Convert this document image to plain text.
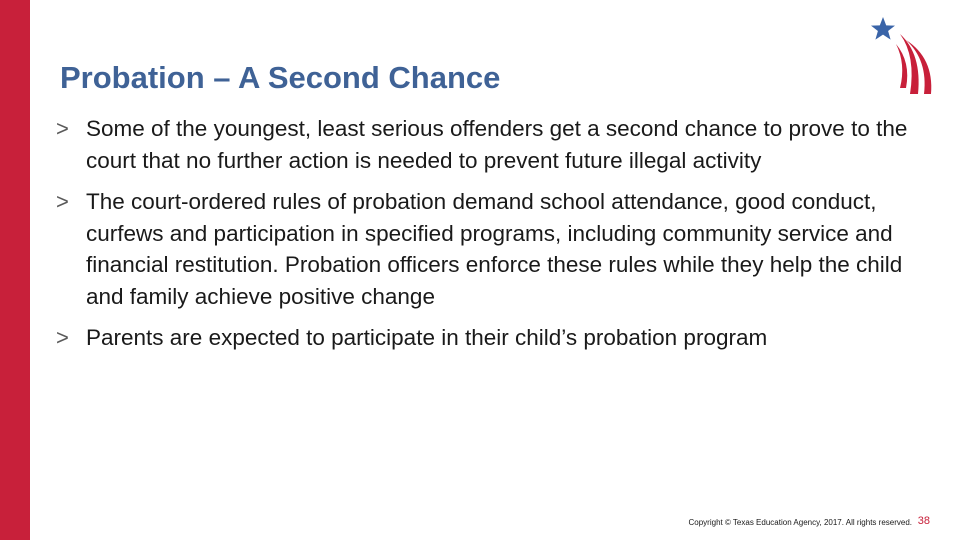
Probation – A Second Chance
> Some of the youngest, least serious offenders get a second chance to prove to the court that no further action is needed to prevent future illegal activity
> The court-ordered rules of probation demand school attendance, good conduct, curfews and participation in specified programs, including community service and financial restitution. Probation officers enforce these rules while they help the child and family achieve positive change
> Parents are expected to participate in their child’s probation program
Copyright © Texas Education Agency, 2017. All rights reserved. 38
